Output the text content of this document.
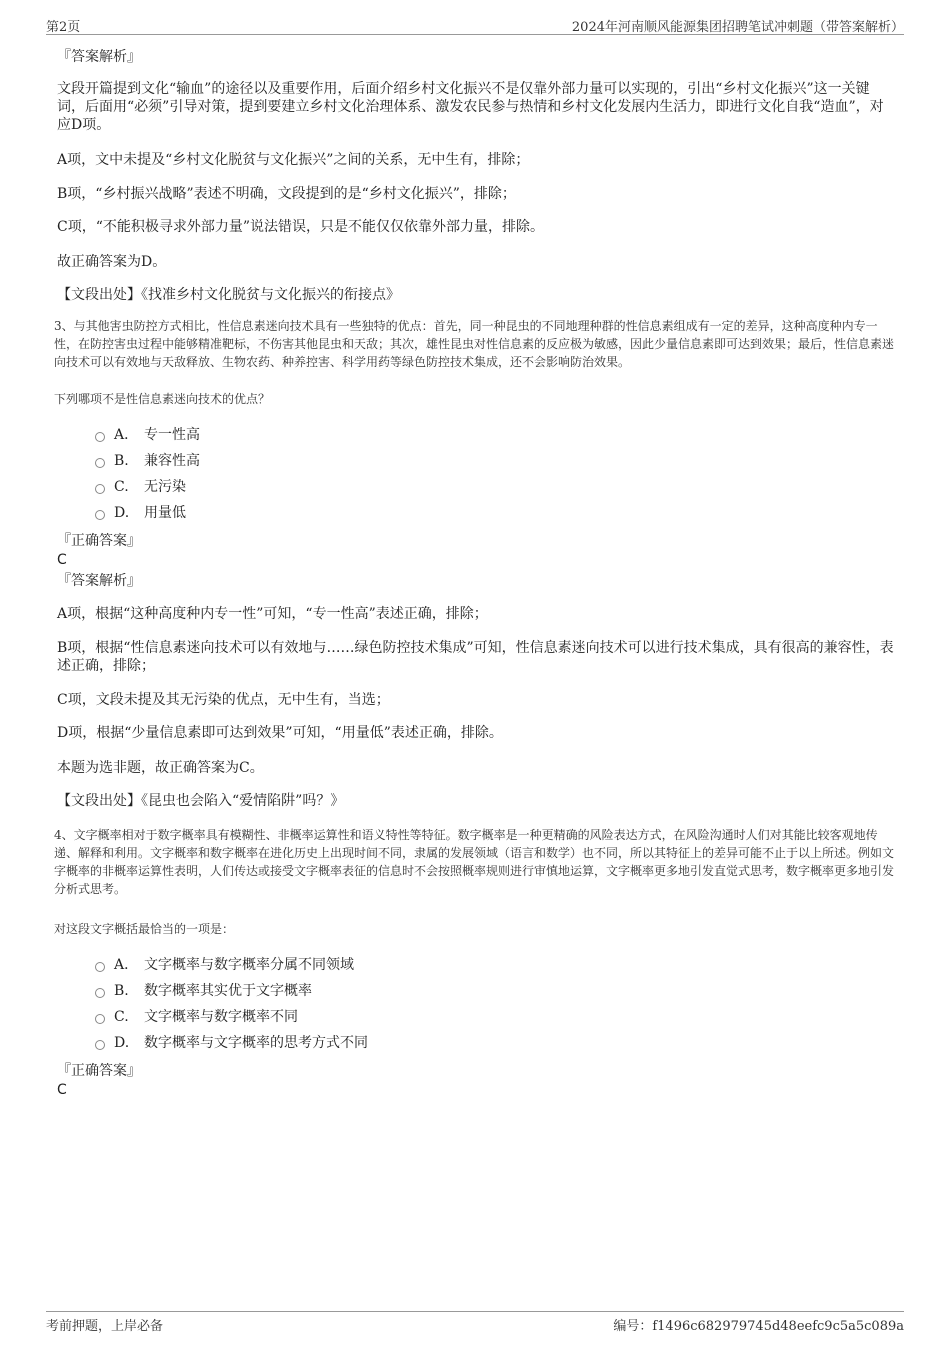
第2页	2024年河南顺风能源集团招聘笔试冲刺题（带答案解析）

『答案解析』

文段开篇提到文化“输血”的途径以及重要作用，后面介绍乡村文化振兴不是仅靠外部力量可以实现的，引出“乡村文化振兴”这一关键词，后面用“必须”引导对策，提到要建立乡村文化治理体系、激发农民参与热情和乡村文化发展内生活力，即进行文化自我“造血”，对应D项。

A项，文中未提及“乡村文化脱贫与文化振兴”之间的关系，无中生有，排除；

B项，“乡村振兴战略”表述不明确，文段提到的是“乡村文化振兴”，排除；

C项，“不能积极寻求外部力量”说法错误，只是不能仅仅依靠外部力量，排除。

故正确答案为D。

【文段出处】《找准乡村文化脱贫与文化振兴的衔接点》

3、与其他害虫防控方式相比，性信息素迷向技术具有一些独特的优点：首先，同一种昆虫的不同地理种群的性信息素组成有一定的差异，这种高度种内专一性，在防控害虫过程中能够精准靶标，不伤害其他昆虫和天敌；其次，雄性昆虫对性信息素的反应极为敏感，因此少量信息素即可达到效果；最后，性信息素迷向技术可以有效地与天敌释放、生物农药、种养控害、科学用药等绿色防控技术集成，还不会影响防治效果。

下列哪项不是性信息素迷向技术的优点？

A． 专一性高
B.	兼容性高
C.	无污染
D.	用量低

『正确答案』

C

『答案解析』

A项，根据“这种高度种内专一性”可知，“专一性高”表述正确，排除；

B项，根据“性信息素迷向技术可以有效地与……绿色防控技术集成”可知，性信息素迷向技术可以进行技术集成，具有很高的兼容性，表述正确，排除；

C项，文段未提及其无污染的优点，无中生有，当选；

D项，根据“少量信息素即可达到效果”可知，“用量低”表述正确，排除。

本题为选非题，故正确答案为C。

【文段出处】《昆虫也会陷入“爱情陷阱”吗？》

4、文字概率相对于数字概率具有模糊性、非概率运算性和语义特性等特征。数字概率是一种更精确的风险表达方式，在风险沟通时人们对其能比较客观地传递、解释和利用。文字概率和数字概率在进化历史上出现时间不同，隶属的发展领域（语言和数学）也不同，所以其特征上的差异可能不止于以上所述。例如文字概率的非概率运算性表明，人们传达或接受文字概率表征的信息时不会按照概率规则进行审慎地运算，文字概率更多地引发直觉式思考，数字概率更多地引发分析式思考。

对这段文字概括最恰当的一项是：

A． 文字概率与数字概率分属不同领域
B.	数字概率其实优于文字概率
C.	文字概率与数字概率不同
D.	数字概率与文字概率的思考方式不同

『正确答案』

C

考前押题，上岸必备	编号：f1496c682979745d48eefc9c5a5c089a
